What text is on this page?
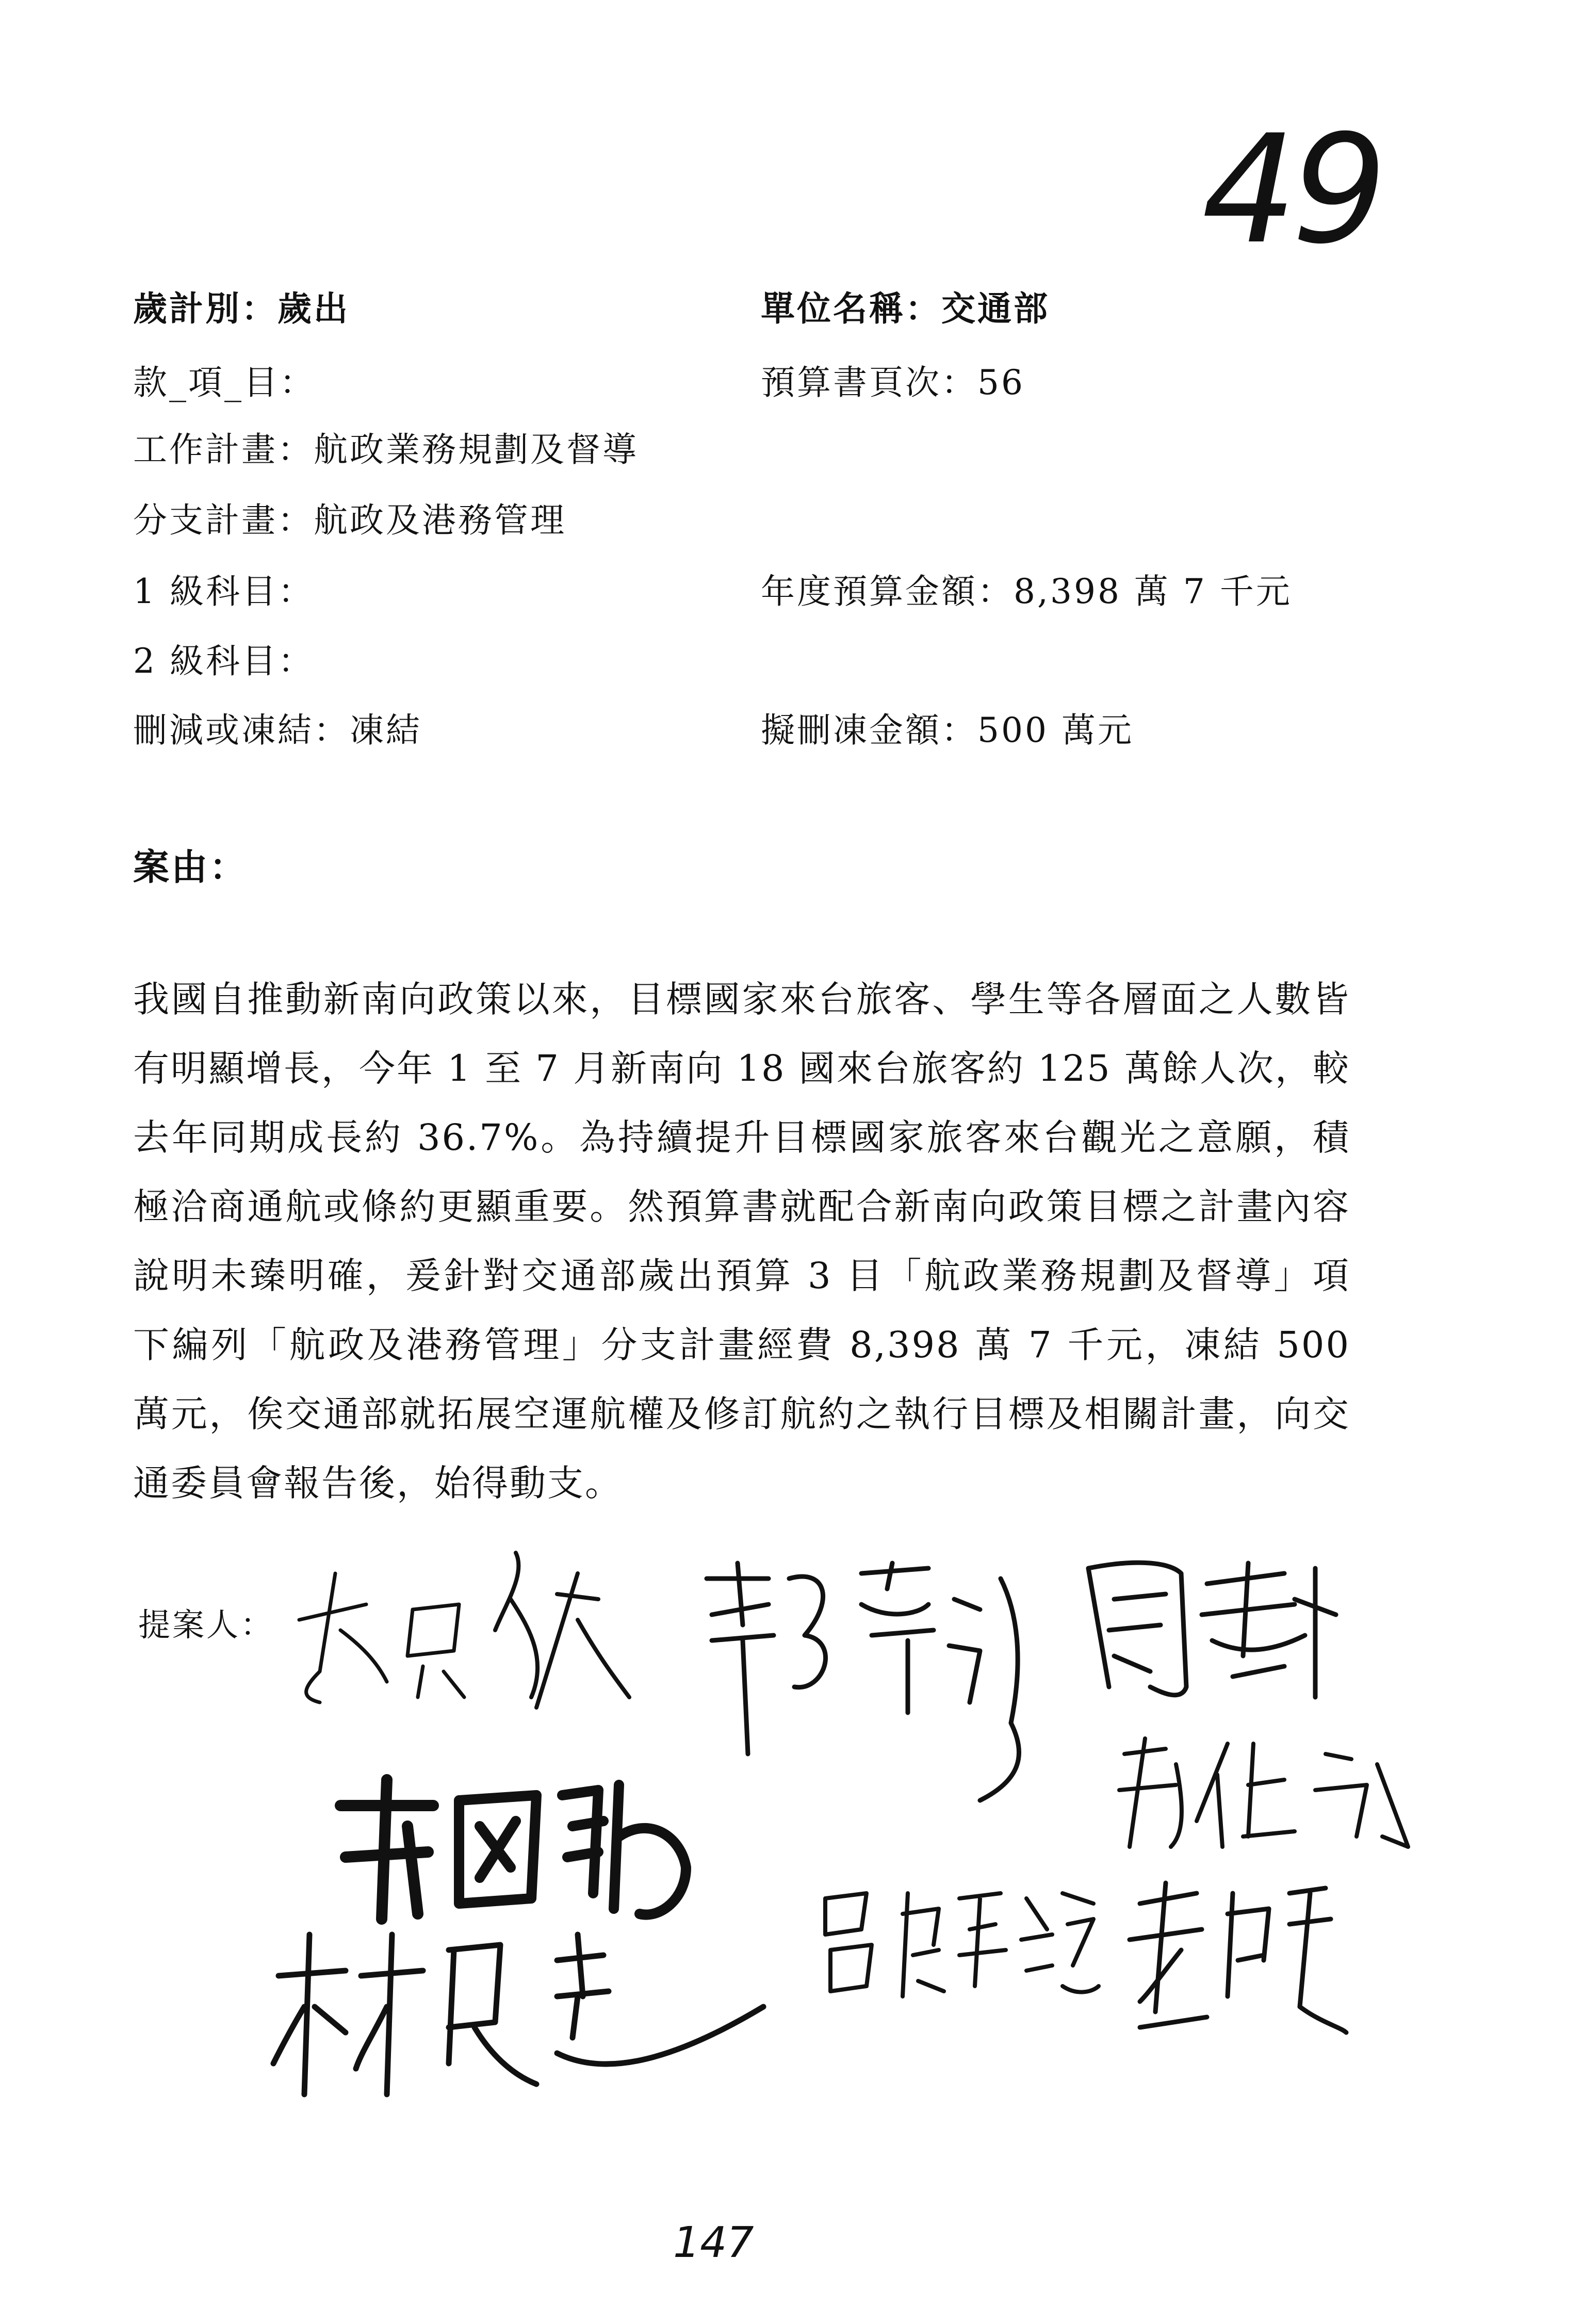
49
歲計別：歲出
款_項_目：
工作計畫：航政業務規劃及督導
分支計畫：航政及港務管理
1 級科目：
2 級科目：
刪減或凍結：凍結
單位名稱：交通部
預算書頁次：56
年度預算金額：8,398 萬 7 千元
擬刪凍金額：500 萬元
案由：
我國自推動新南向政策以來，目標國家來台旅客、學生等各層面之人數皆有明顯增長，今年 1 至 7 月新南向 18 國來台旅客約 125 萬餘人次，較去年同期成長約 36.7%。為持續提升目標國家旅客來台觀光之意願，積極洽商通航或條約更顯重要。然預算書就配合新南向政策目標之計畫內容說明未臻明確，爰針對交通部歲出預算 3 目「航政業務規劃及督導」項下編列「航政及港務管理」分支計畫經費 8,398 萬 7 千元，凍結 500 萬元，俟交通部就拓展空運航權及修訂航約之執行目標及相關計畫，向交通委員會報告後，始得動支。
提案人：
147
